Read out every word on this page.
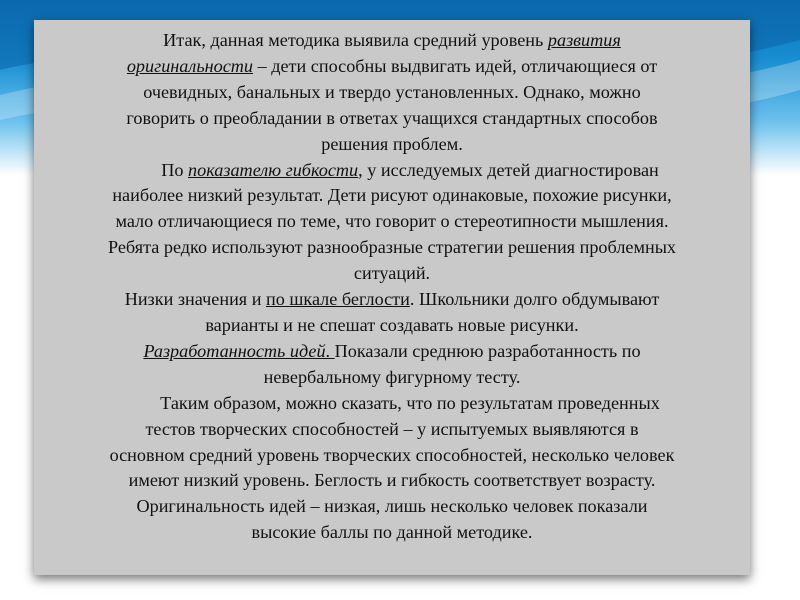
Итак, данная методика выявила средний уровень развития
оригинальности – дети способны выдвигать идей, отличающиеся от
очевидных, банальных и твердо установленных. Однако, можно
говорить о преобладании в ответах учащихся стандартных способов
решения проблем.
По показателю гибкости, у исследуемых детей диагностирован
наиболее низкий результат. Дети рисуют одинаковые, похожие рисунки,
мало отличающиеся по теме, что говорит о стереотипности мышления.
Ребята редко используют разнообразные стратегии решения проблемных
ситуаций.
Низки значения и по шкале беглости. Школьники долго обдумывают
варианты и не спешат создавать новые рисунки.
Разработанность идей. Показали среднюю разработанность по
невербальному фигурному тесту.
Таким образом, можно сказать, что по результатам проведенных
тестов творческих способностей – у испытуемых выявляются в
основном средний уровень творческих способностей, несколько человек
имеют низкий уровень. Беглость и гибкость соответствует возрасту.
Оригинальность идей – низкая, лишь несколько человек показали
высокие баллы по данной методике.
